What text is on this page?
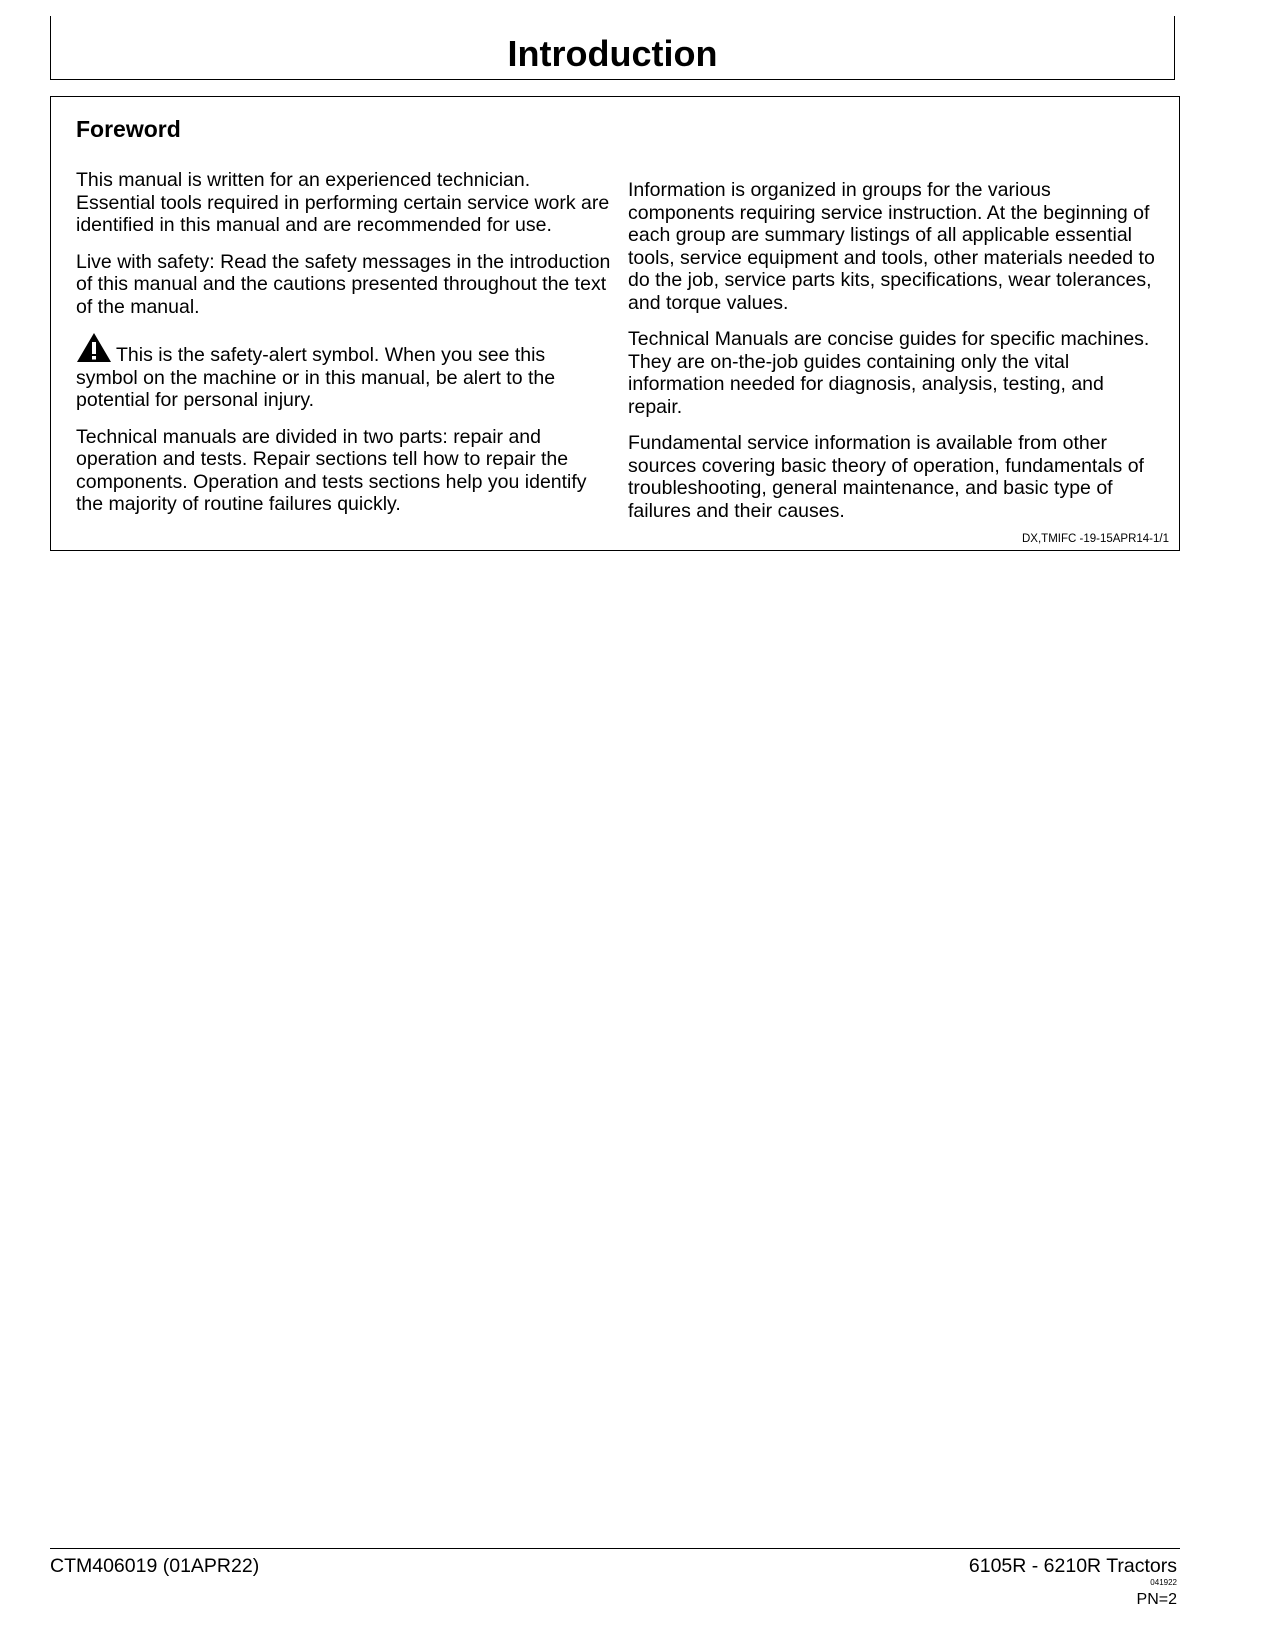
Introduction
Foreword

This manual is written for an experienced technician. Essential tools required in performing certain service work are identified in this manual and are recommended for use.

Live with safety: Read the safety messages in the introduction of this manual and the cautions presented throughout the text of the manual.

This is the safety-alert symbol. When you see this symbol on the machine or in this manual, be alert to the potential for personal injury.

Technical manuals are divided in two parts: repair and operation and tests. Repair sections tell how to repair the components. Operation and tests sections help you identify the majority of routine failures quickly.

Information is organized in groups for the various components requiring service instruction. At the beginning of each group are summary listings of all applicable essential tools, service equipment and tools, other materials needed to do the job, service parts kits, specifications, wear tolerances, and torque values.

Technical Manuals are concise guides for specific machines. They are on-the-job guides containing only the vital information needed for diagnosis, analysis, testing, and repair.

Fundamental service information is available from other sources covering basic theory of operation, fundamentals of troubleshooting, general maintenance, and basic type of failures and their causes.

DX,TMIFC -19-15APR14-1/1
CTM406019 (01APR22)	6105R - 6210R Tractors
041922
PN=2
